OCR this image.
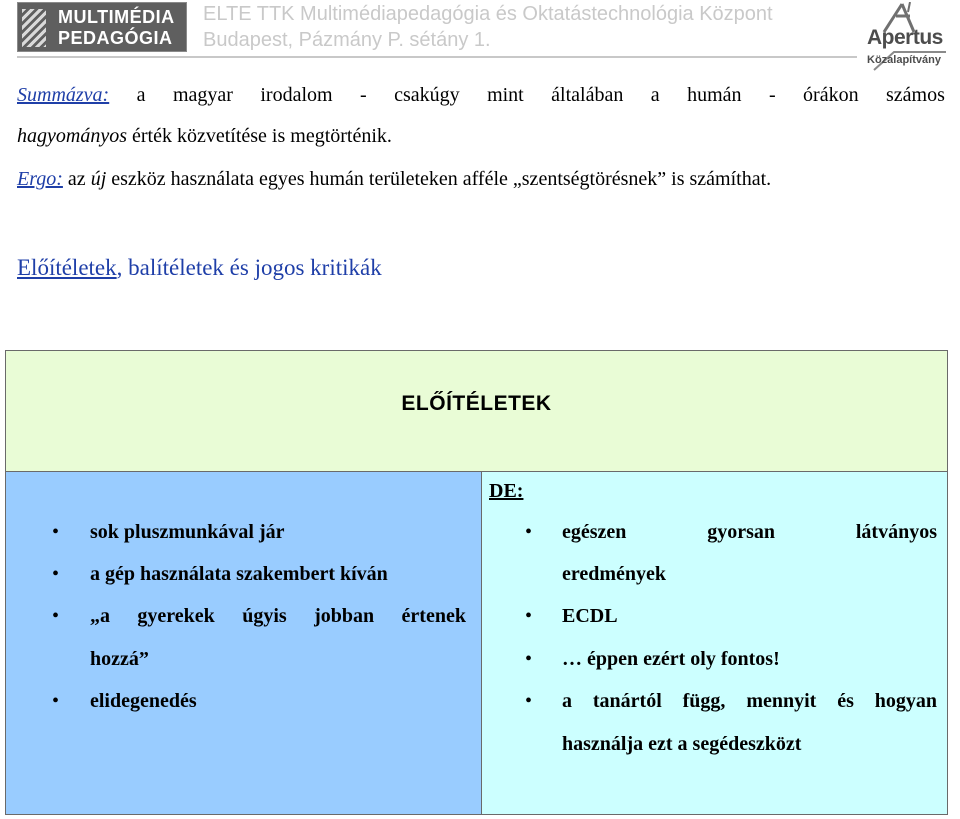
MULTIMÉDIA
PEDAGÓGIA
ELTE TTK Multimédiapedagógia és Oktatástechnológia Központ
Budapest, Pázmány P. sétány 1.	Apertus
Közalapítvány
Summázva: a magyar irodalom - csakúgy mint általában a humán - órákon számos
hagyományos érték közvetítése is megtörténik.
Ergo: az új eszköz használata egyes humán területeken afféle „szentségtörésnek” is számíthat.
Előítéletek, balítéletek és jogos kritikák
ELŐÍTÉLETEK
• sok pluszmunkával jár
• a gép használata szakembert kíván
• „a gyerekek úgyis jobban értenek
hozzá”
• elidegenedés
DE:
• egészen	gyorsan	látványos
eredmények
• ECDL
• … éppen ezért oly fontos!
• a tanártól függ, mennyit és hogyan
használja ezt a segédeszközt
